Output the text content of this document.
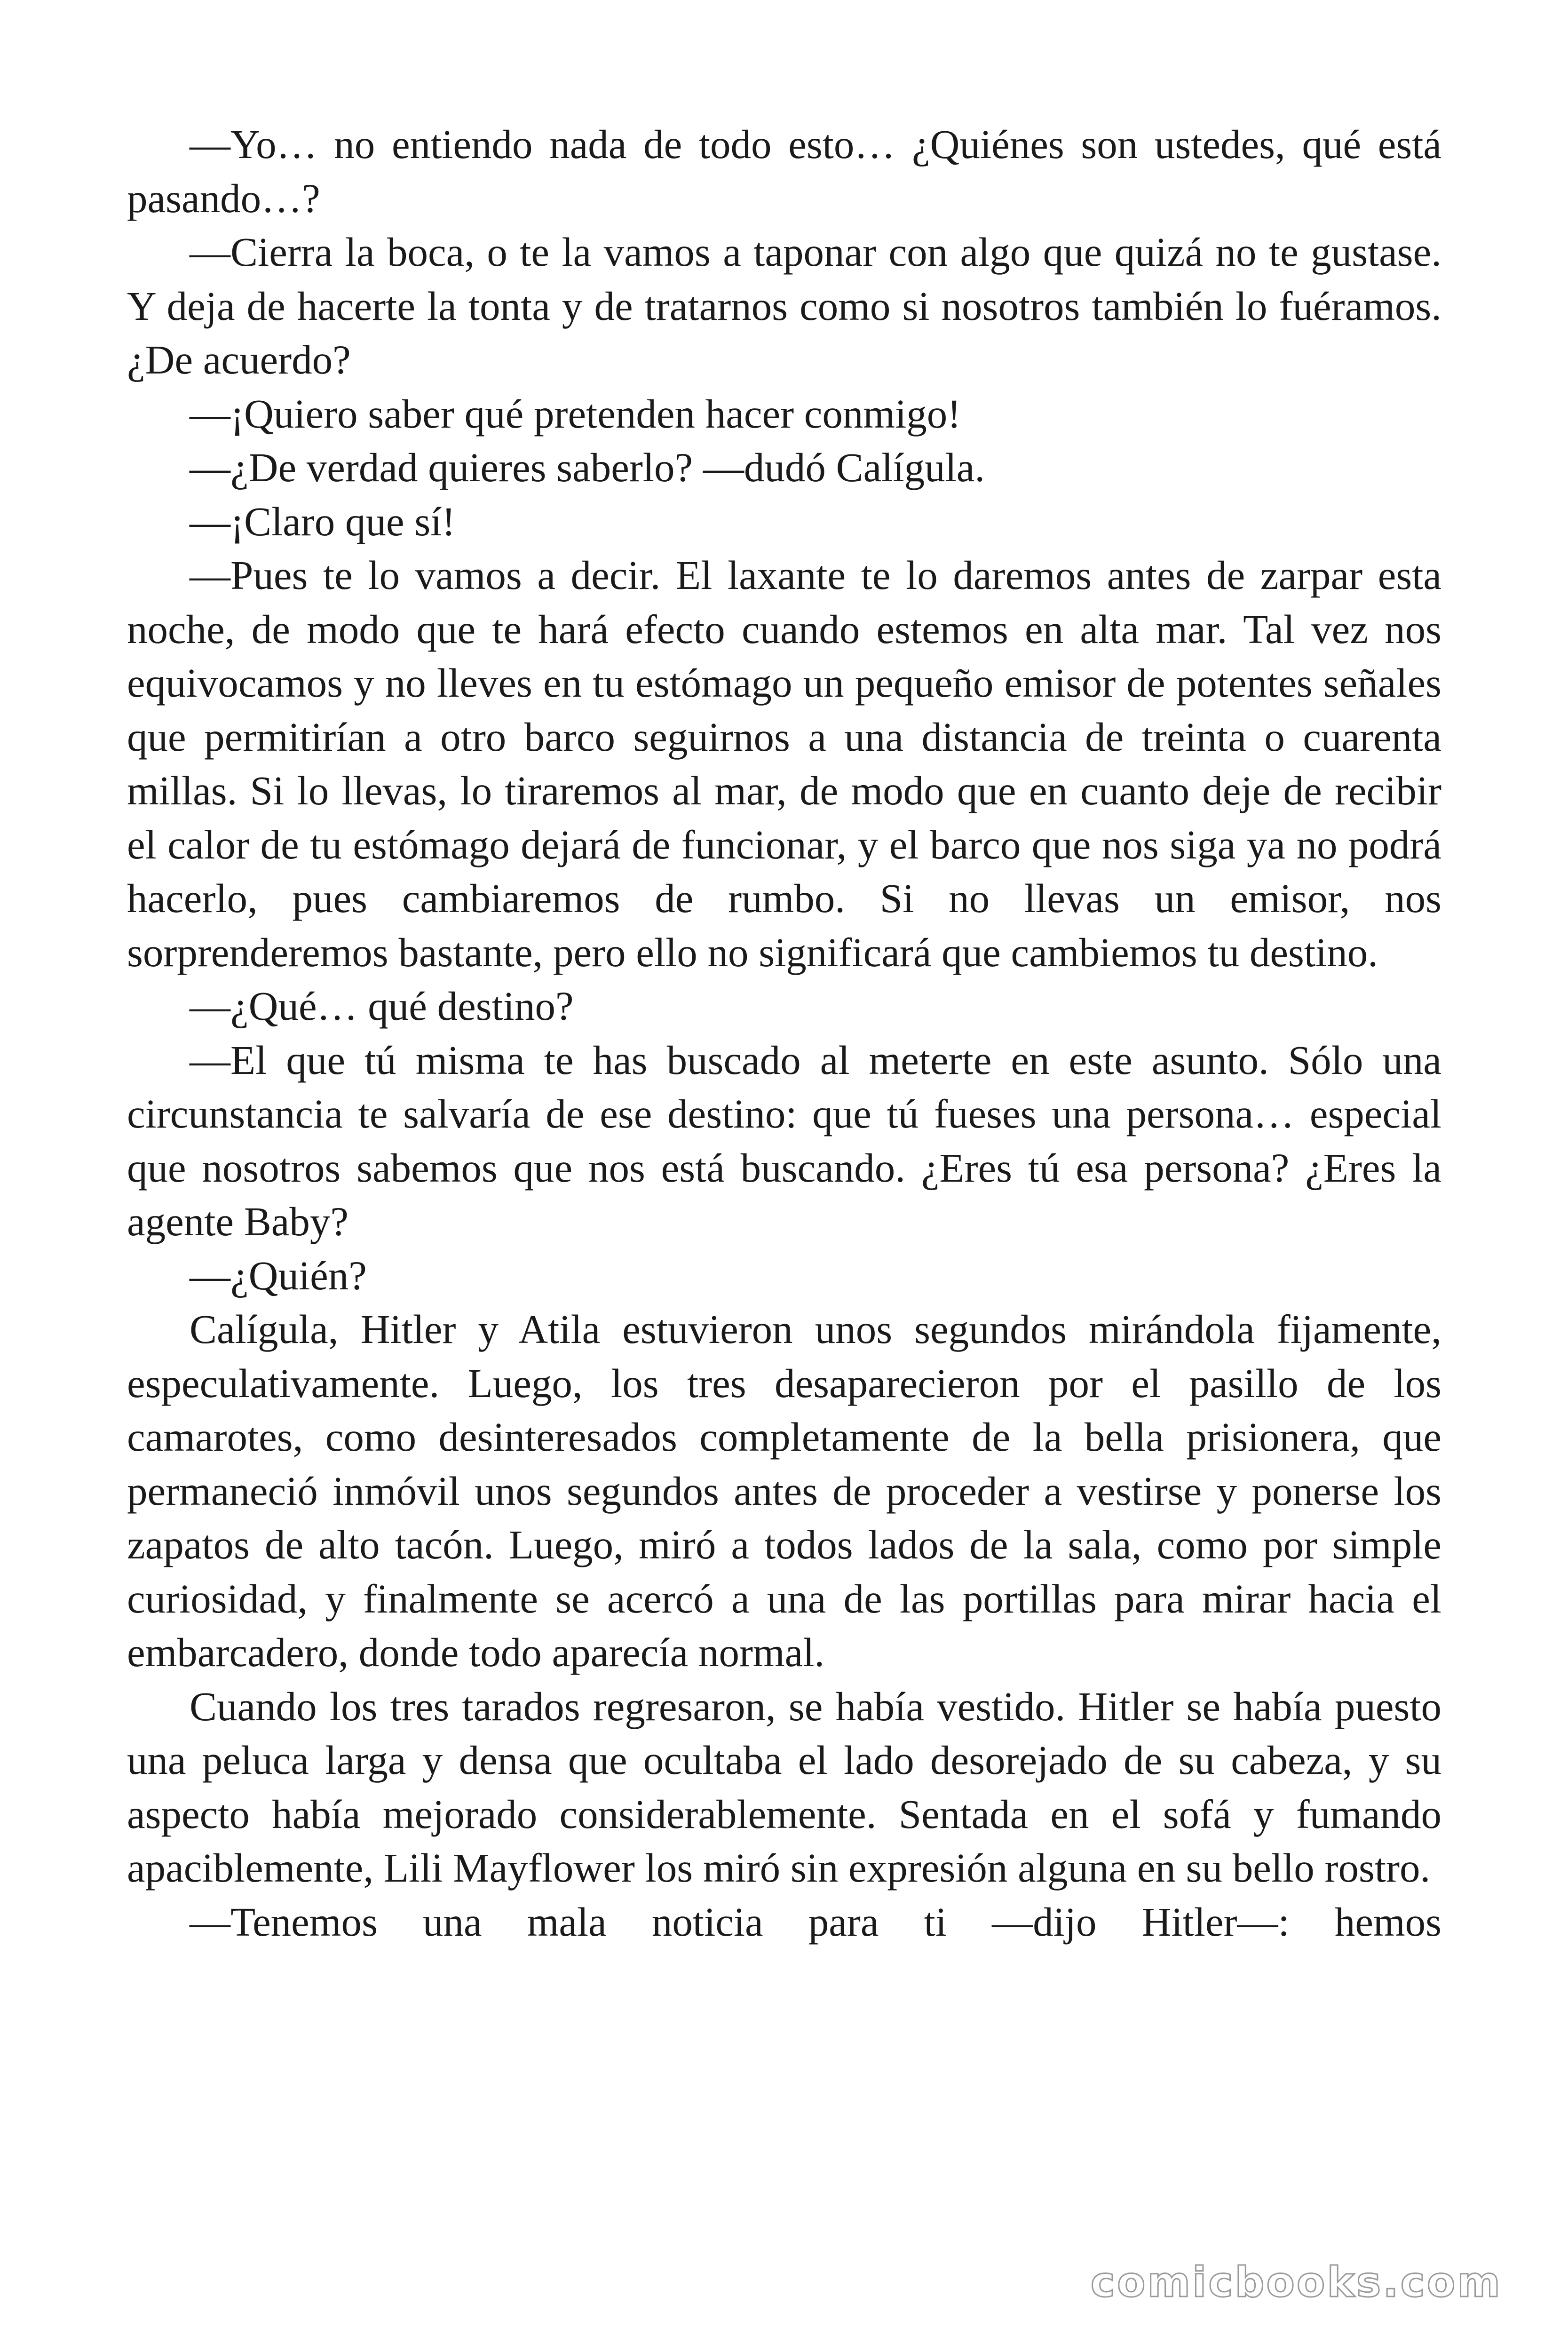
—Yo… no entiendo nada de todo esto… ¿Quiénes son ustedes, qué está pasando…?

—Cierra la boca, o te la vamos a taponar con algo que quizá no te gustase. Y deja de hacerte la tonta y de tratarnos como si nosotros también lo fuéramos. ¿De acuerdo?

—¡Quiero saber qué pretenden hacer conmigo!

—¿De verdad quieres saberlo? —dudó Calígula.

—¡Claro que sí!

—Pues te lo vamos a decir. El laxante te lo daremos antes de zarpar esta noche, de modo que te hará efecto cuando estemos en alta mar. Tal vez nos equivocamos y no lleves en tu estómago un pequeño emisor de potentes señales que permitirían a otro barco seguirnos a una distancia de treinta o cuarenta millas. Si lo llevas, lo tiraremos al mar, de modo que en cuanto deje de recibir el calor de tu estómago dejará de funcionar, y el barco que nos siga ya no podrá hacerlo, pues cambiaremos de rumbo. Si no llevas un emisor, nos sorprenderemos bastante, pero ello no significará que cambiemos tu destino.

—¿Qué… qué destino?

—El que tú misma te has buscado al meterte en este asunto. Sólo una circunstancia te salvaría de ese destino: que tú fueses una persona… especial que nosotros sabemos que nos está buscando. ¿Eres tú esa persona? ¿Eres la agente Baby?

—¿Quién?

Calígula, Hitler y Atila estuvieron unos segundos mirándola fijamente, especulativamente. Luego, los tres desaparecieron por el pasillo de los camarotes, como desinteresados completamente de la bella prisionera, que permaneció inmóvil unos segundos antes de proceder a vestirse y ponerse los zapatos de alto tacón. Luego, miró a todos lados de la sala, como por simple curiosidad, y finalmente se acercó a una de las portillas para mirar hacia el embarcadero, donde todo aparecía normal.

Cuando los tres tarados regresaron, se había vestido. Hitler se había puesto una peluca larga y densa que ocultaba el lado desorejado de su cabeza, y su aspecto había mejorado considerablemente. Sentada en el sofá y fumando apaciblemente, Lili Mayflower los miró sin expresión alguna en su bello rostro.

—Tenemos una mala noticia para ti —dijo Hitler—: hemos

comicbooks.com
